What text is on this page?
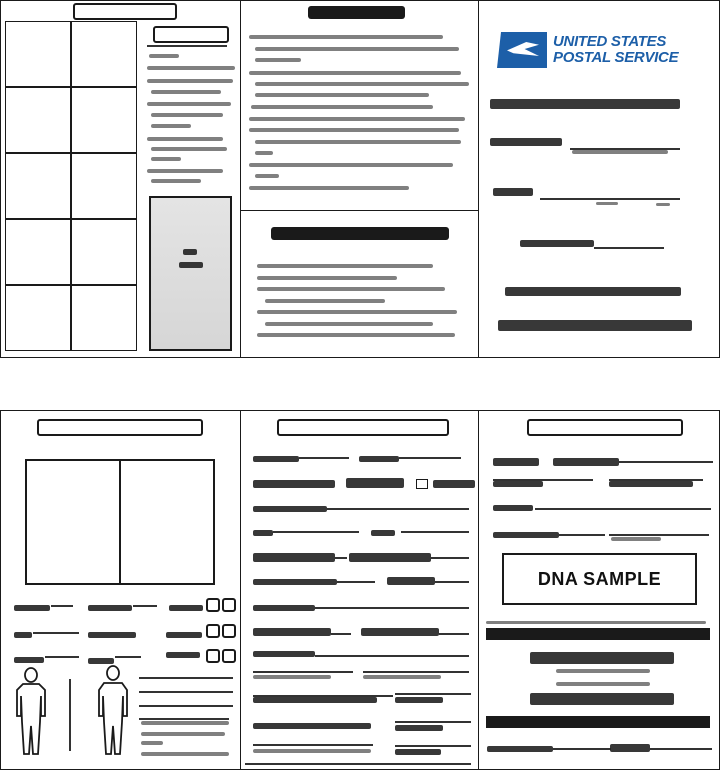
UNITED STATES
POSTAL SERVICE
DNA SAMPLE
